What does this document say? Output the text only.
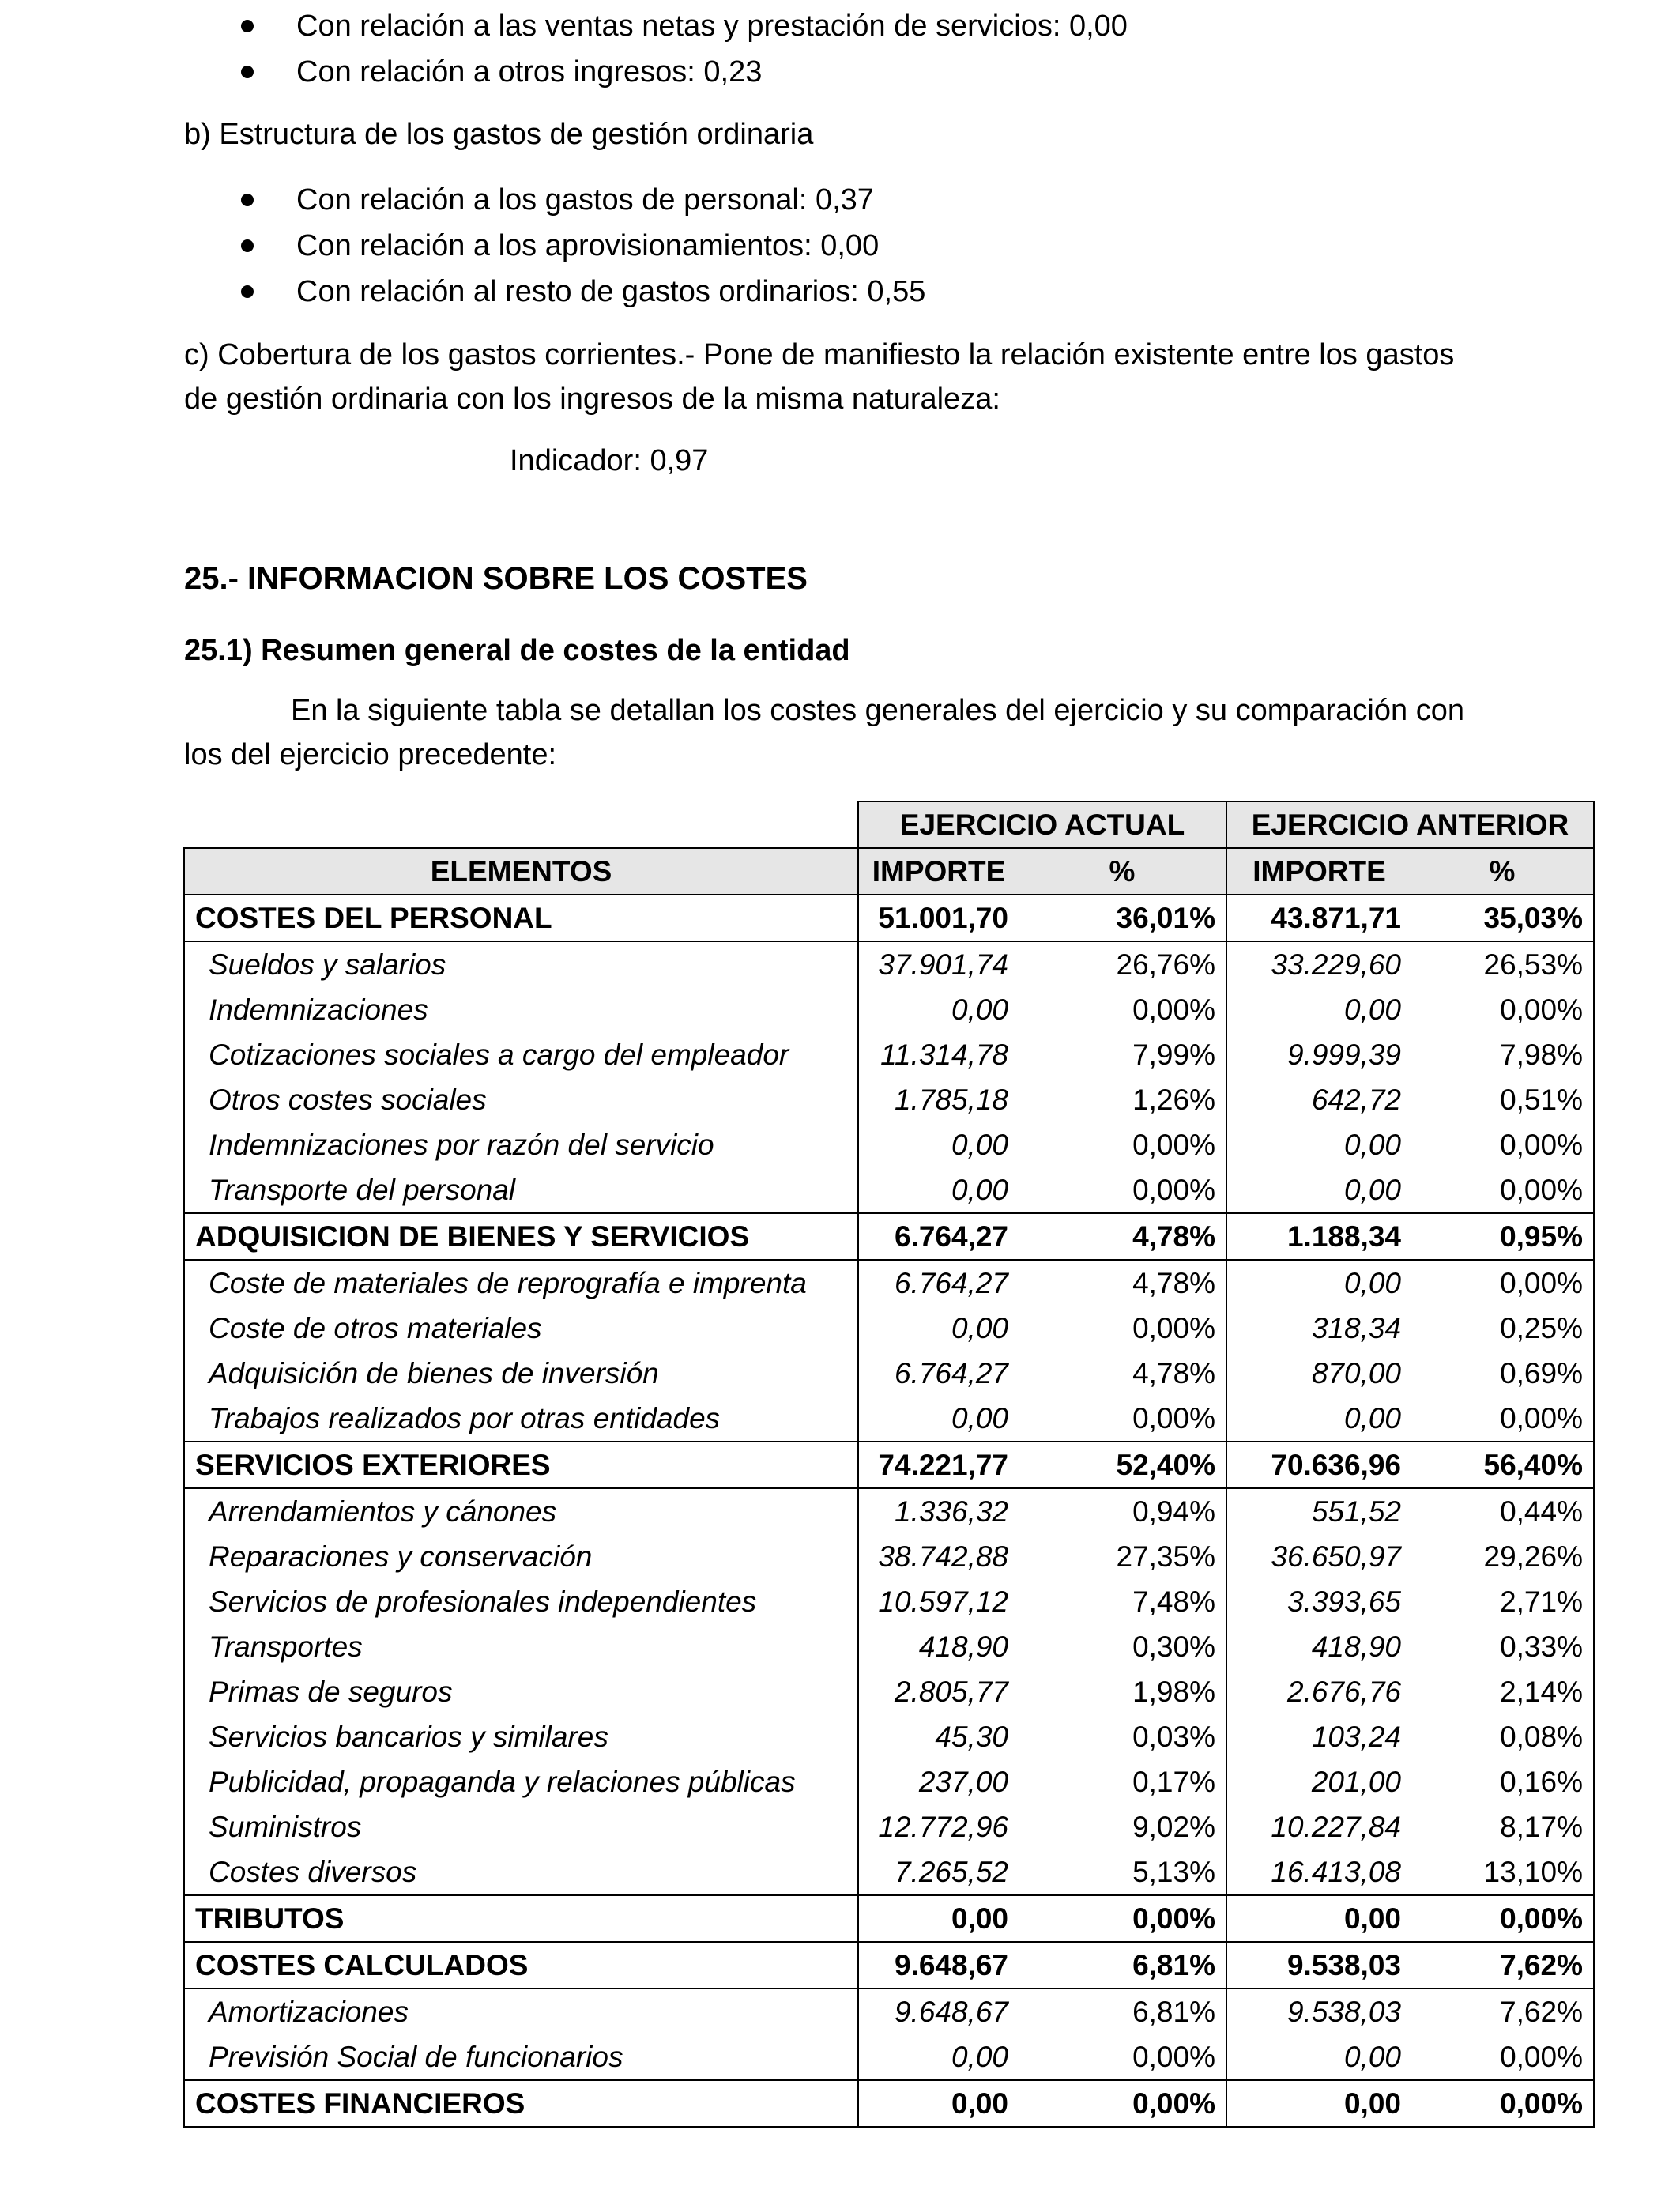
Con relación a las ventas netas y prestación de servicios: 0,00
Con relación a otros ingresos: 0,23
b) Estructura de los gastos de gestión ordinaria
Con relación a los gastos de personal: 0,37
Con relación a los aprovisionamientos: 0,00
Con relación al resto de gastos ordinarios: 0,55
c) Cobertura de los gastos corrientes.- Pone de manifiesto la relación existente entre los gastos
de gestión ordinaria con los ingresos de la misma naturaleza:
Indicador: 0,97
25.- INFORMACION SOBRE LOS COSTES
25.1) Resumen general de costes de la entidad
En la siguiente tabla se detallan los costes generales del ejercicio y su comparación con
los del ejercicio precedente:
	EJERCICIO ACTUAL		EJERCICIO ANTERIOR	
ELEMENTOS	IMPORTE	%	IMPORTE	%
COSTES DEL PERSONAL	51.001,70	36,01%	43.871,71	35,03%
Sueldos y salarios	37.901,74	26,76%	33.229,60	26,53%
Indemnizaciones	0,00	0,00%	0,00	0,00%
Cotizaciones sociales a cargo del empleador	11.314,78	7,99%	9.999,39	7,98%
Otros costes sociales	1.785,18	1,26%	642,72	0,51%
Indemnizaciones por razón del servicio	0,00	0,00%	0,00	0,00%
Transporte del personal	0,00	0,00%	0,00	0,00%
ADQUISICION DE BIENES Y SERVICIOS	6.764,27	4,78%	1.188,34	0,95%
Coste de materiales de reprografía e imprenta	6.764,27	4,78%	0,00	0,00%
Coste de otros materiales	0,00	0,00%	318,34	0,25%
Adquisición de bienes de inversión	6.764,27	4,78%	870,00	0,69%
Trabajos realizados por otras entidades	0,00	0,00%	0,00	0,00%
SERVICIOS EXTERIORES	74.221,77	52,40%	70.636,96	56,40%
Arrendamientos y cánones	1.336,32	0,94%	551,52	0,44%
Reparaciones y conservación	38.742,88	27,35%	36.650,97	29,26%
Servicios de profesionales independientes	10.597,12	7,48%	3.393,65	2,71%
Transportes	418,90	0,30%	418,90	0,33%
Primas de seguros	2.805,77	1,98%	2.676,76	2,14%
Servicios bancarios y similares	45,30	0,03%	103,24	0,08%
Publicidad, propaganda y relaciones públicas	237,00	0,17%	201,00	0,16%
Suministros	12.772,96	9,02%	10.227,84	8,17%
Costes diversos	7.265,52	5,13%	16.413,08	13,10%
TRIBUTOS	0,00	0,00%	0,00	0,00%
COSTES CALCULADOS	9.648,67	6,81%	9.538,03	7,62%
Amortizaciones	9.648,67	6,81%	9.538,03	7,62%
Previsión Social de funcionarios	0,00	0,00%	0,00	0,00%
COSTES FINANCIEROS	0,00	0,00%	0,00	0,00%
